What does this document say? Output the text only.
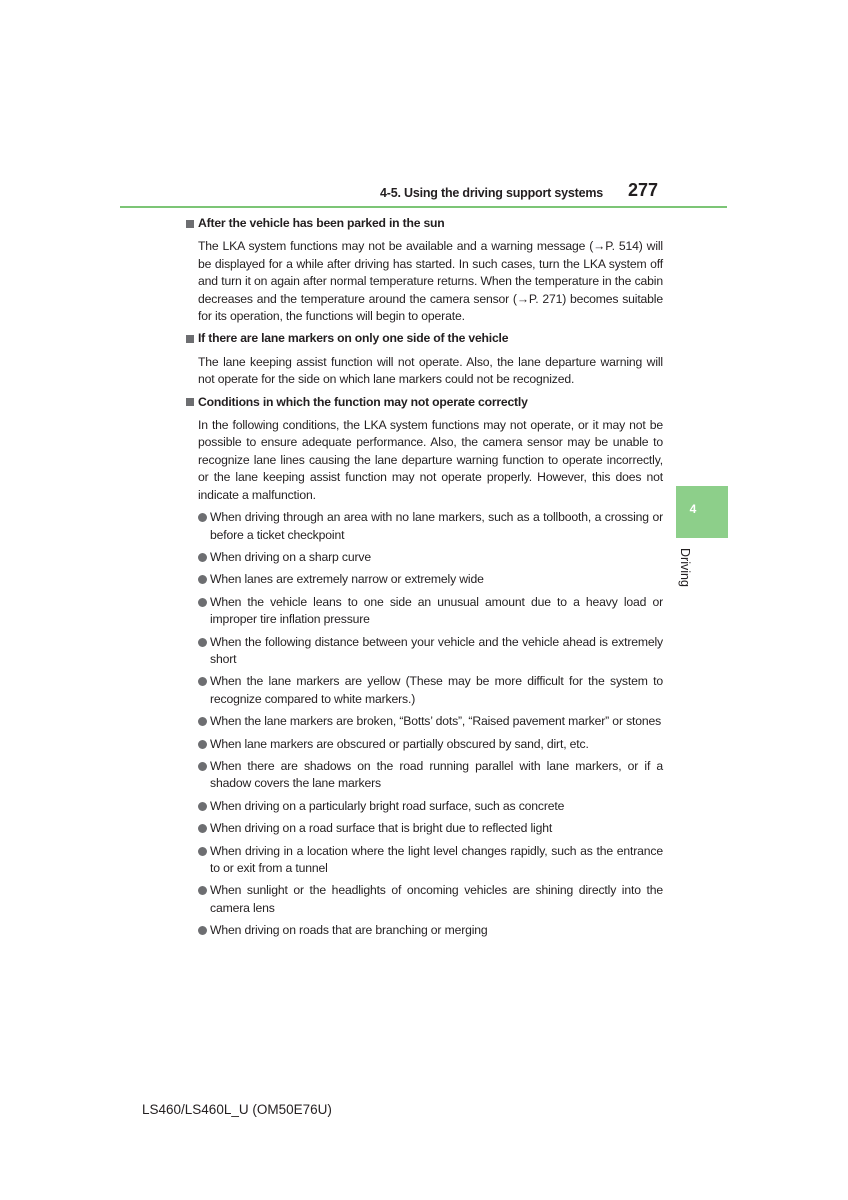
4-5. Using the driving support systems 277
4
Driving
After the vehicle has been parked in the sun

The LKA system functions may not be available and a warning message (→P. 514) will be displayed for a while after driving has started. In such cases, turn the LKA system off and turn it on again after normal temperature returns. When the temperature in the cabin decreases and the temperature around the camera sensor (→P. 271) becomes suitable for its operation, the functions will begin to operate.

If there are lane markers on only one side of the vehicle

The lane keeping assist function will not operate. Also, the lane departure warning will not operate for the side on which lane markers could not be recognized.

Conditions in which the function may not operate correctly

In the following conditions, the LKA system functions may not operate, or it may not be possible to ensure adequate performance. Also, the camera sensor may be unable to recognize lane lines causing the lane departure warning function to operate incorrectly, or the lane keeping assist function may not operate properly. However, this does not indicate a malfunction.

When driving through an area with no lane markers, such as a tollbooth, a crossing or before a ticket checkpoint
When driving on a sharp curve
When lanes are extremely narrow or extremely wide
When the vehicle leans to one side an unusual amount due to a heavy load or improper tire inflation pressure
When the following distance between your vehicle and the vehicle ahead is extremely short
When the lane markers are yellow (These may be more difficult for the system to recognize compared to white markers.)
When the lane markers are broken, “Botts’ dots”, “Raised pavement marker” or stones
When lane markers are obscured or partially obscured by sand, dirt, etc.
When there are shadows on the road running parallel with lane markers, or if a shadow covers the lane markers
When driving on a particularly bright road surface, such as concrete
When driving on a road surface that is bright due to reflected light
When driving in a location where the light level changes rapidly, such as the entrance to or exit from a tunnel
When sunlight or the headlights of oncoming vehicles are shining directly into the camera lens
When driving on roads that are branching or merging
LS460/LS460L_U (OM50E76U)
